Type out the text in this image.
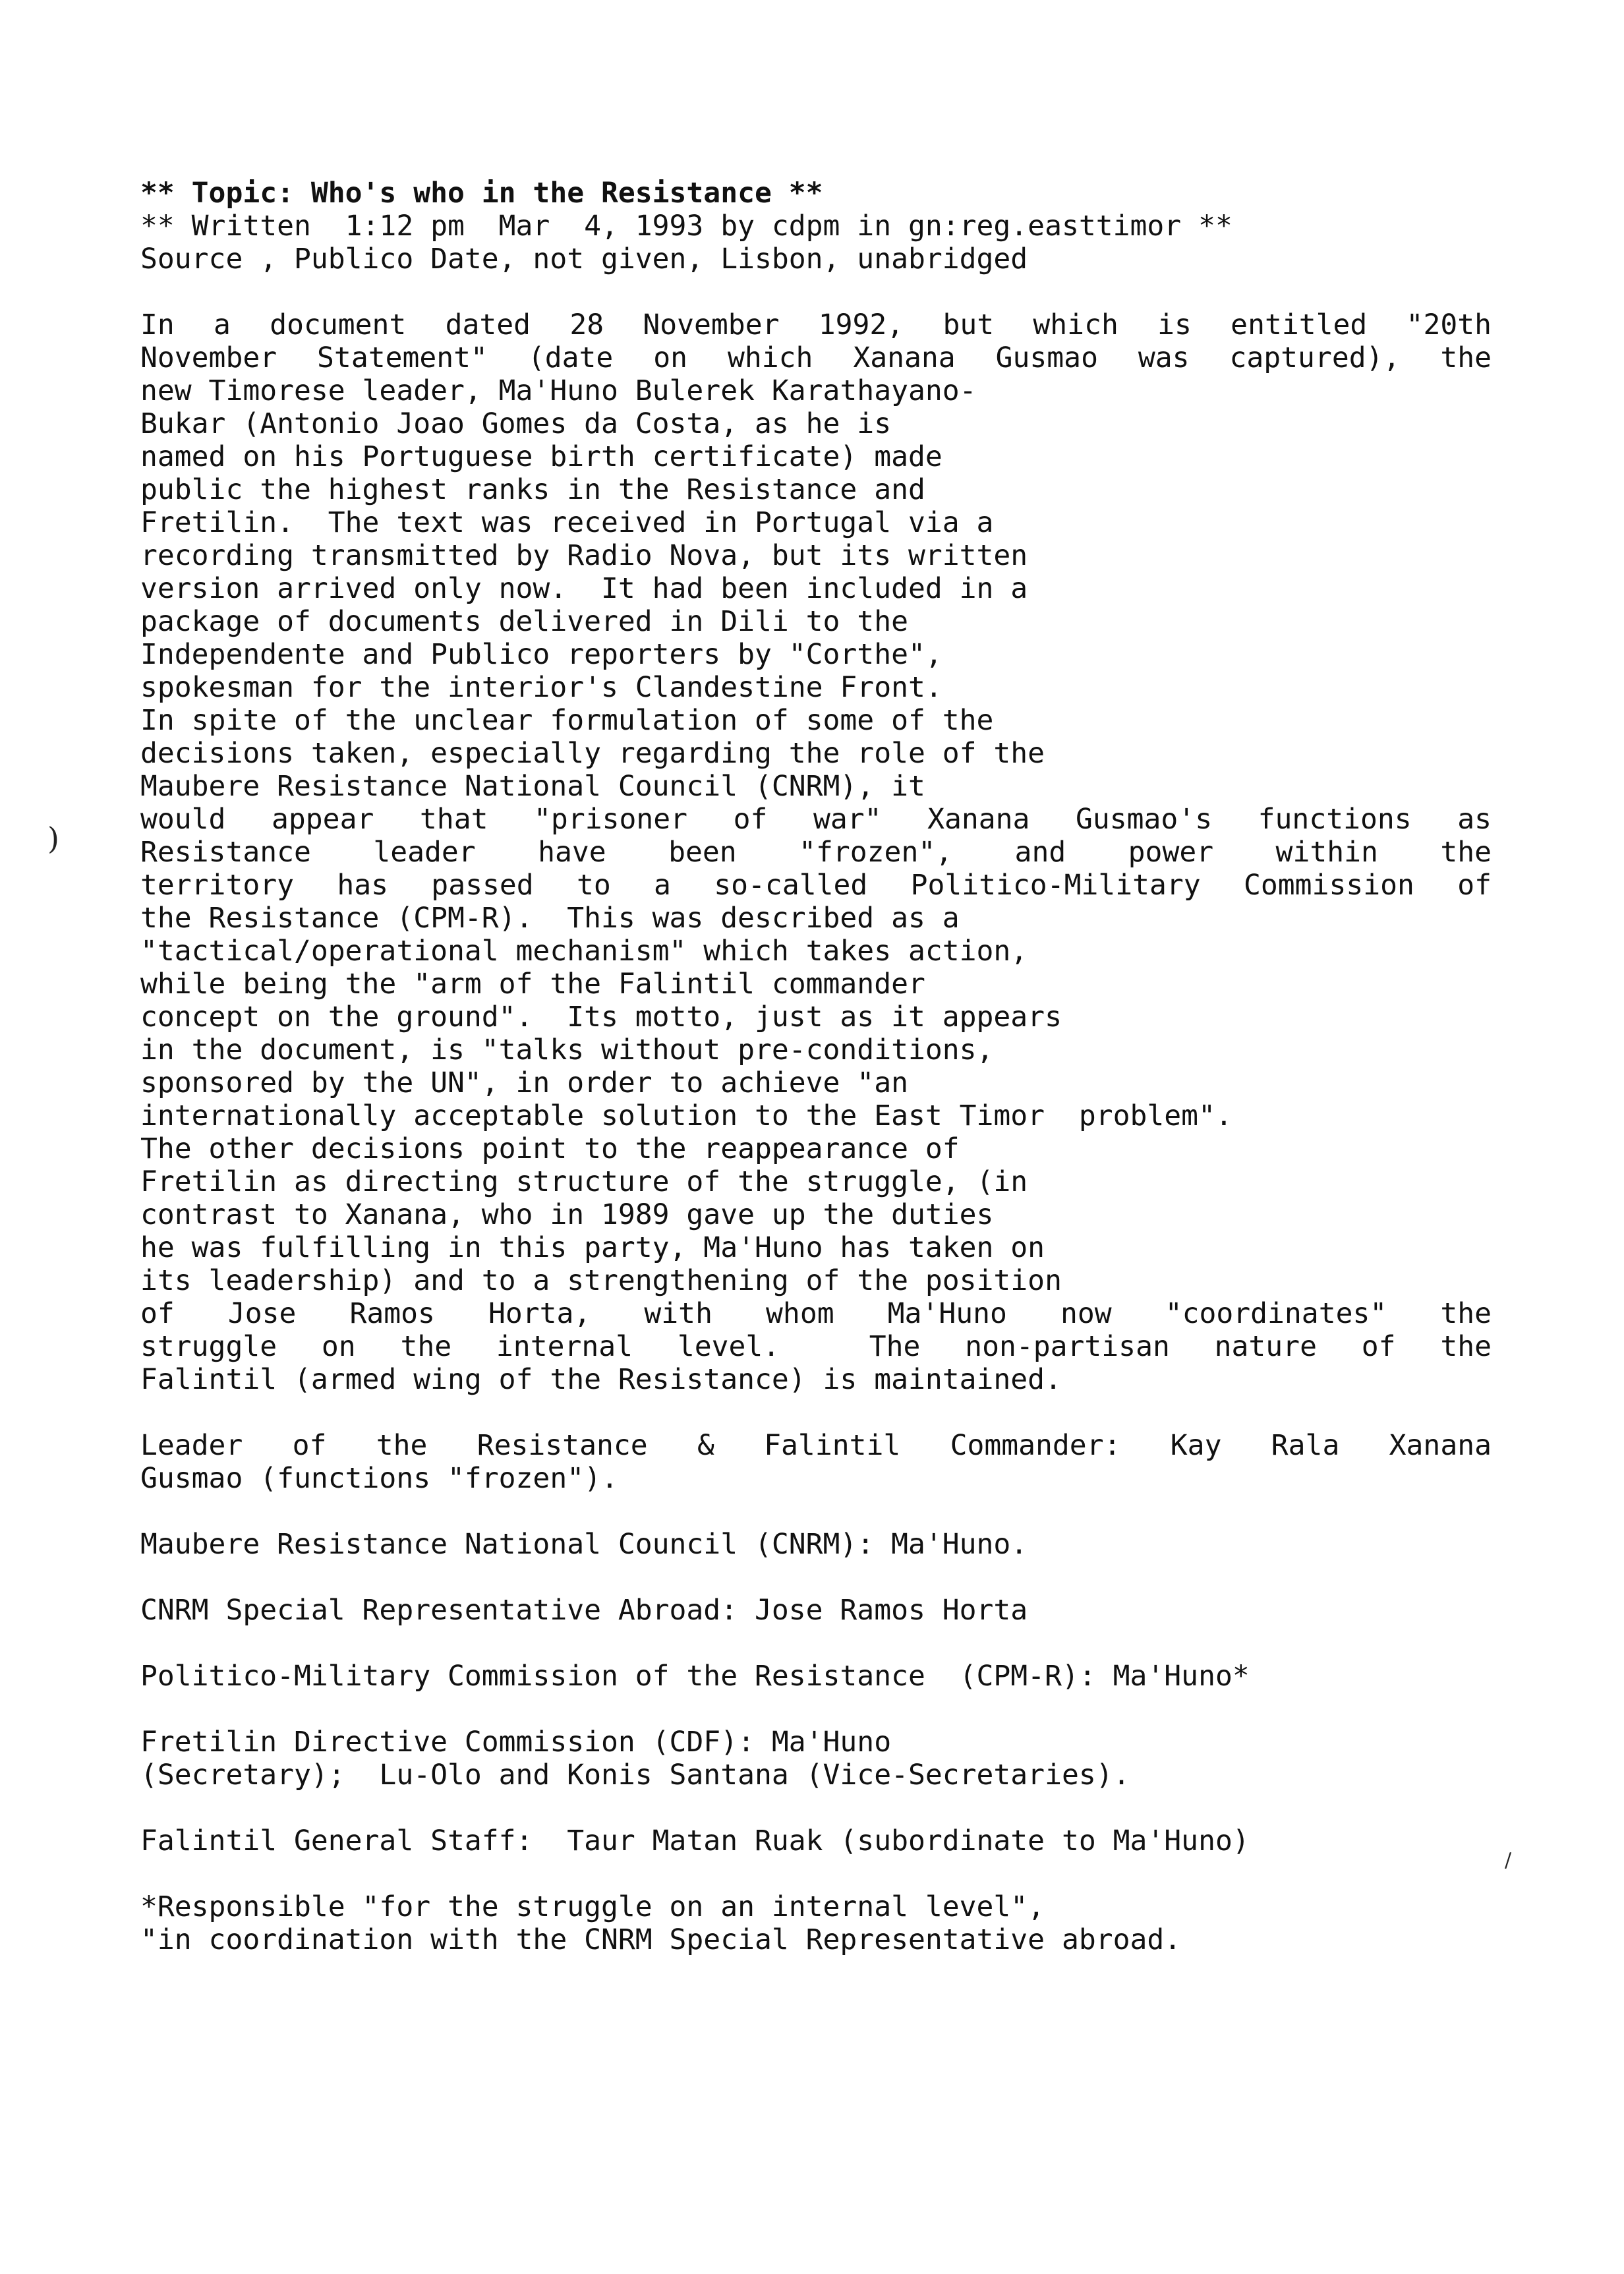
** Topic: Who's who in the Resistance **
** Written  1:12 pm  Mar  4, 1993 by cdpm in gn:reg.easttimor **
Source , Publico Date, not given, Lisbon, unabridged
In a document dated 28 November 1992, but which is entitled "20th
November Statement" (date on which Xanana Gusmao was captured), the
new Timorese leader, Ma'Huno Bulerek Karathayano-
Bukar (Antonio Joao Gomes da Costa, as he is
named on his Portuguese birth certificate) made
public the highest ranks in the Resistance and
Fretilin.  The text was received in Portugal via a
recording transmitted by Radio Nova, but its written
version arrived only now.  It had been included in a
package of documents delivered in Dili to the
Independente and Publico reporters by "Corthe",
spokesman for the interior's Clandestine Front.
In spite of the unclear formulation of some of the
decisions taken, especially regarding the role of the
Maubere Resistance National Council (CNRM), it
would appear that "prisoner of war" Xanana Gusmao's functions as
Resistance leader have been "frozen", and power within the
territory has passed to a so-called Politico-Military Commission of
the Resistance (CPM-R).  This was described as a
"tactical/operational mechanism" which takes action,
while being the "arm of the Falintil commander
concept on the ground".  Its motto, just as it appears
in the document, is "talks without pre-conditions,
sponsored by the UN", in order to achieve "an
internationally acceptable solution to the East Timor  problem".
The other decisions point to the reappearance of
Fretilin as directing structure of the struggle, (in
contrast to Xanana, who in 1989 gave up the duties
he was fulfilling in this party, Ma'Huno has taken on
its leadership) and to a strengthening of the position
of Jose Ramos Horta, with whom Ma'Huno now "coordinates" the
struggle on the internal level.  The non-partisan nature of the
Falintil (armed wing of the Resistance) is maintained.
Leader of the Resistance & Falintil Commander: Kay Rala Xanana
Gusmao (functions "frozen").
Maubere Resistance National Council (CNRM): Ma'Huno.
CNRM Special Representative Abroad: Jose Ramos Horta
Politico-Military Commission of the Resistance  (CPM-R): Ma'Huno*
Fretilin Directive Commission (CDF): Ma'Huno
(Secretary);  Lu-Olo and Konis Santana (Vice-Secretaries).
Falintil General Staff:  Taur Matan Ruak (subordinate to Ma'Huno)
*Responsible "for the struggle on an internal level",
"in coordination with the CNRM Special Representative abroad.
)
/
